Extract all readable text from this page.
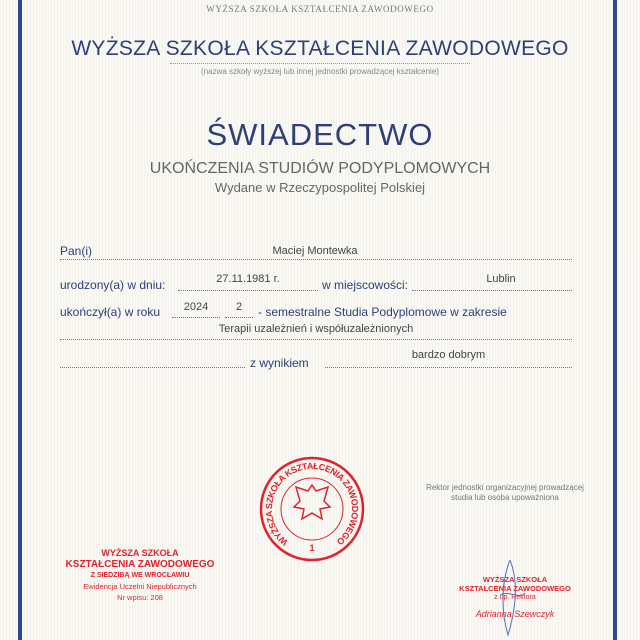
WYŻSZA SZKOŁA KSZTAŁCENIA ZAWODOWEGO
WYŻSZA SZKOŁA KSZTAŁCENIA ZAWODOWEGO
(nazwa szkoły wyższej lub innej jednostki prowadzącej kształcenie)
ŚWIADECTWO
UKOŃCZENIA STUDIÓW PODYPLOMOWYCH
Wydane w Rzeczypospolitej Polskiej
Pan(i)	Maciej Montewka
urodzony(a) w dniu:	27.11.1981 r.	w miejscowości:	Lublin
ukończył(a) w roku	2024	2	- semestralne Studia Podyplomowe w zakresie
Terapii uzależnień i współuzależnionych
z wynikiem
bardzo dobrym
WYŻSZA SZKOŁA KSZTAŁCENIA ZAWODOWEGO
1
WYŻSZA SZKOŁA
KSZTAŁCENIA ZAWODOWEGO
Z SIEDZIBĄ WE WROCŁAWIU
Ewidencja Uczelni Niepublicznych
Nr wpisu: 208
Rektor jednostki organizacyjnej prowadzącej
studia lub osoba upoważniona
WYŻSZA SZKOŁA
KSZTAŁCENIA ZAWODOWEGO
z up. Rektora
Adrianna Szewczyk
